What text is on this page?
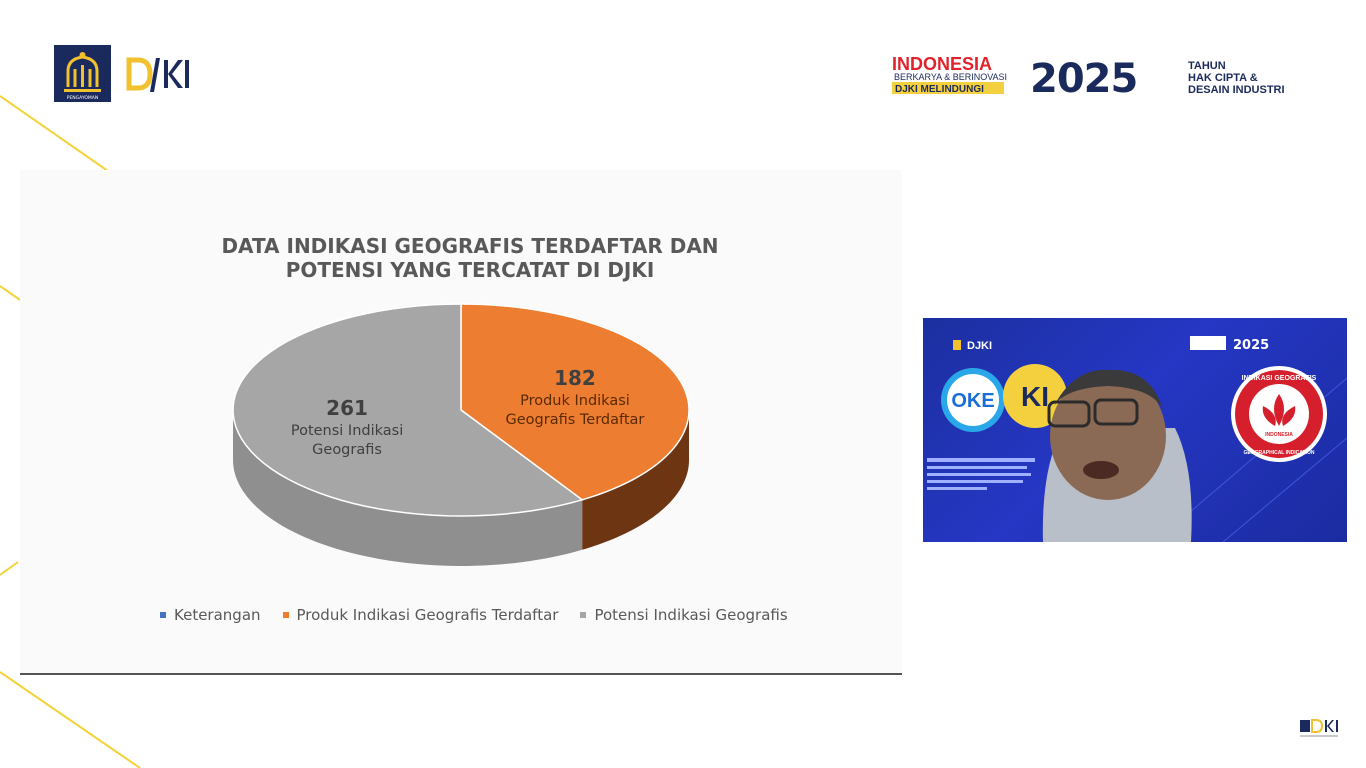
PENGAYOMAN
INDONESIA
BERKARYA & BERINOVASI
DJKI MELINDUNGI 2025	TAHUN
HAK CIPTA &
DESAIN INDUSTRI
DATA INDIKASI GEOGRAFIS TERDAFTAR DAN
POTENSI YANG TERCATAT DI DJKI
182
Produk Indikasi
Geografis Terdaftar
261
Potensi Indikasi
Geografis
Keterangan Produk Indikasi Geografis Terdaftar Potensi Indikasi Geografis
DJKI	2025
OKE KI
INDIKASI GEOGRAFIS
INDONESIA
GEOGRAPHICAL INDICATION
